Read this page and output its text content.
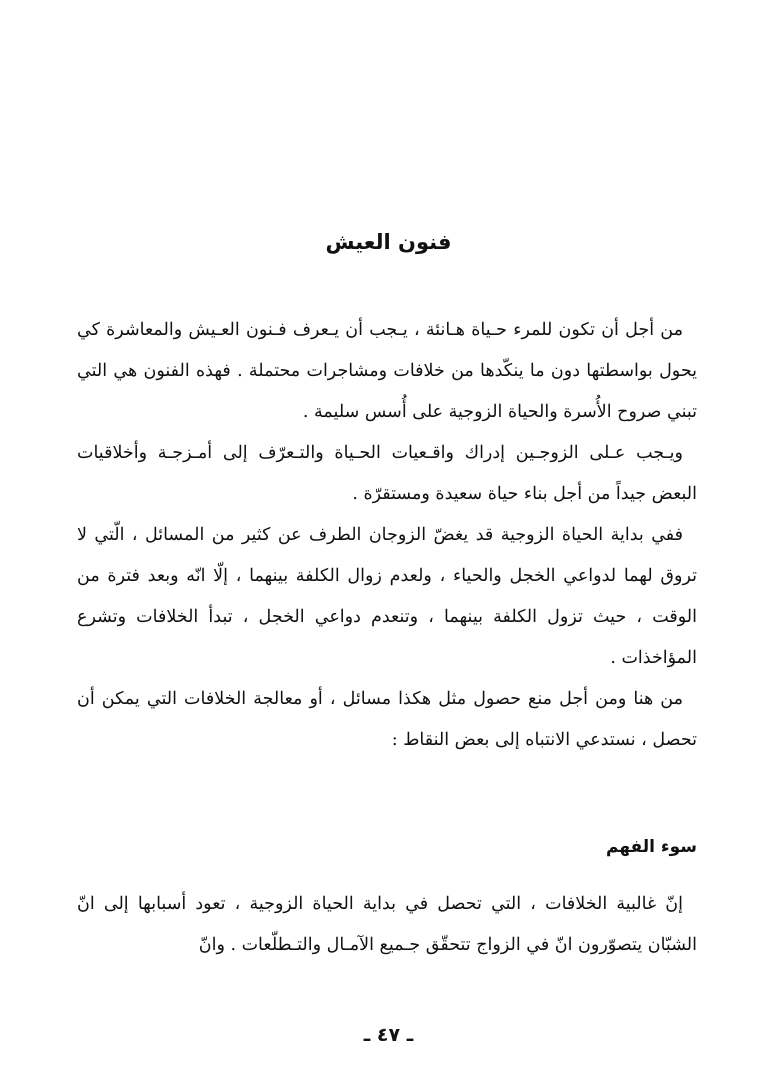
فنون العيش

من أجل أن تكون للمرء حـياة هـانئة ، يـجب أن يـعرف فـنون العـيش والمعاشرة كي يحول بواسطتها دون ما ينكّدها من خلافات ومشاجرات محتملة . فهذه الفنون هي التي تبني صروح الأُسرة والحياة الزوجية على أُسس سليمة .

ويـجب عـلى الزوجـين إدراك واقـعيات الحـياة والتـعرّف إلى أمـزجـة وأخلاقيات البعض جيداً من أجل بناء حياة سعيدة ومستقرّة .

ففي بداية الحياة الزوجية قد يغضّ الزوجان الطرف عن كثير من المسائل ، الّتي لا تروق لهما لدواعي الخجل والحياء ، ولعدم زوال الكلفة بينهما ، إلّا انّه وبعد فترة من الوقت ، حيث تزول الكلفة بينهما ، وتنعدم دواعي الخجل ، تبدأ الخلافات وتشرع المؤاخذات .

من هنا ومن أجل منع حصول مثل هكذا مسائل ، أو معالجة الخلافات التي يمكن أن تحصل ، نستدعي الانتباه إلى بعض النقاط :

سوء الفهم

إنّ غالبية الخلافات ، التي تحصل في بداية الحياة الزوجية ، تعود أسبابها إلى انّ الشبّان يتصوّرون انّ في الزواج تتحقّق جـميع الآمـال والتـطلّعات . وانّ

ـ ٤٧ ـ
